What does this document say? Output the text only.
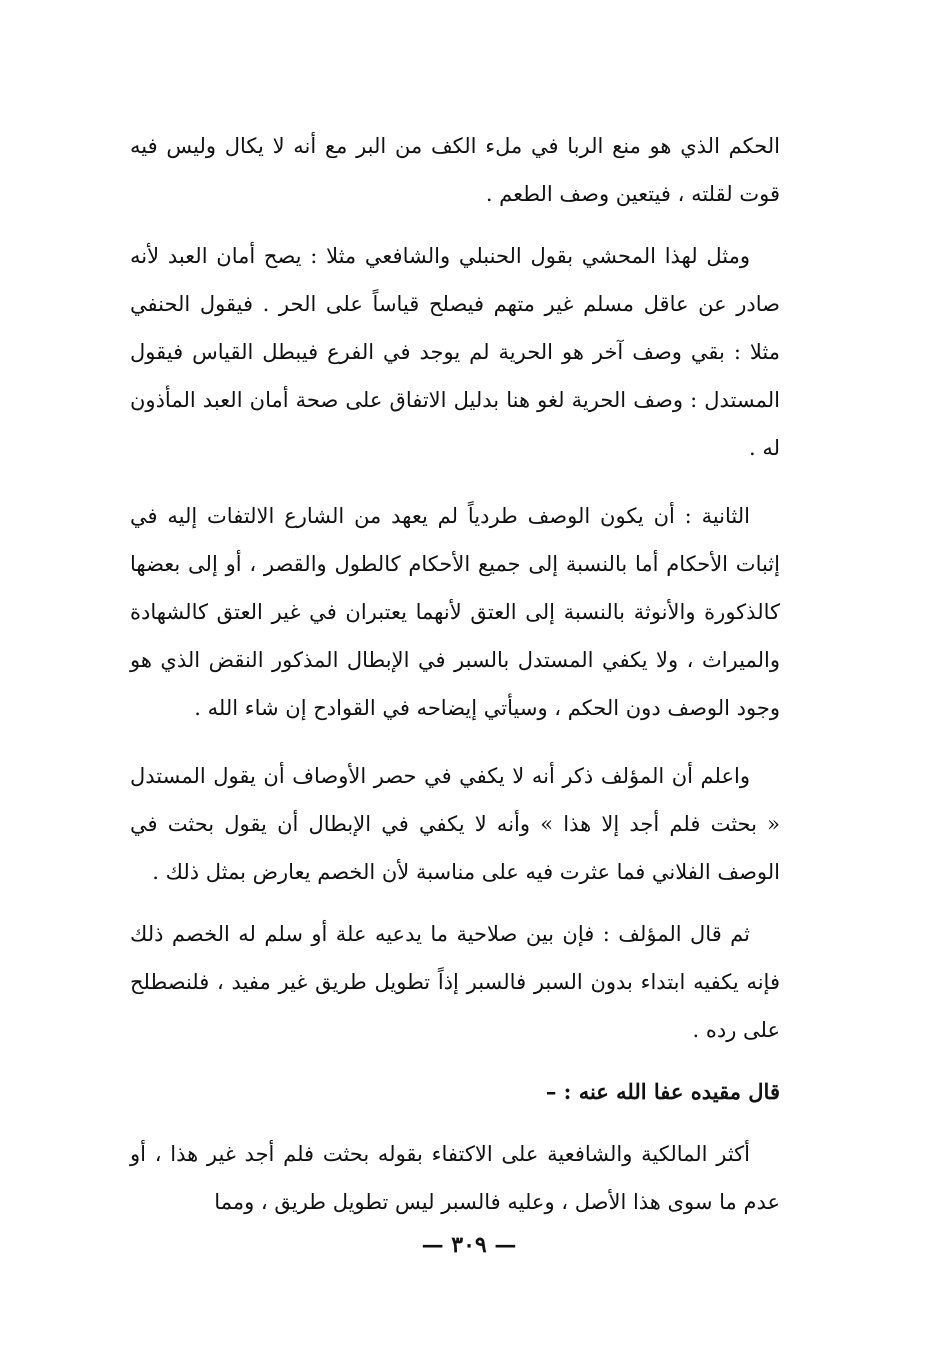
الحكم الذي هو منع الربا في ملء الكف من البر مع أنه لا يكال وليس فيه قوت لقلته ، فيتعين وصف الطعم .

ومثل لهذا المحشي بقول الحنبلي والشافعي مثلا : يصح أمان العبد لأنه صادر عن عاقل مسلم غير متهم فيصلح قياساً على الحر . فيقول الحنفي مثلا : بقي وصف آخر هو الحرية لم يوجد في الفرع فيبطل القياس فيقول المستدل : وصف الحرية لغو هنا بدليل الاتفاق على صحة أمان العبد المأذون له .

الثانية : أن يكون الوصف طردياً لم يعهد من الشارع الالتفات إليه في إثبات الأحكام أما بالنسبة إلى جميع الأحكام كالطول والقصر ، أو إلى بعضها كالذكورة والأنوثة بالنسبة إلى العتق لأنهما يعتبران في غير العتق كالشهادة والميراث ، ولا يكفي المستدل بالسبر في الإبطال المذكور النقض الذي هو وجود الوصف دون الحكم ، وسيأتي إيضاحه في القوادح إن شاء الله .

واعلم أن المؤلف ذكر أنه لا يكفي في حصر الأوصاف أن يقول المستدل « بحثت فلم أجد إلا هذا » وأنه لا يكفي في الإبطال أن يقول بحثت في الوصف الفلاني فما عثرت فيه على مناسبة لأن الخصم يعارض بمثل ذلك .

ثم قال المؤلف : فإن بين صلاحية ما يدعيه علة أو سلم له الخصم ذلك فإنه يكفيه ابتداء بدون السبر فالسبر إذاً تطويل طريق غير مفيد ، فلنصطلح على رده .

قال مقيده عفا الله عنه : –

أكثر المالكية والشافعية على الاكتفاء بقوله بحثت فلم أجد غير هذا ، أو عدم ما سوى هذا الأصل ، وعليه فالسبر ليس تطويل طريق ، ومما

— ٣٠٩ —
